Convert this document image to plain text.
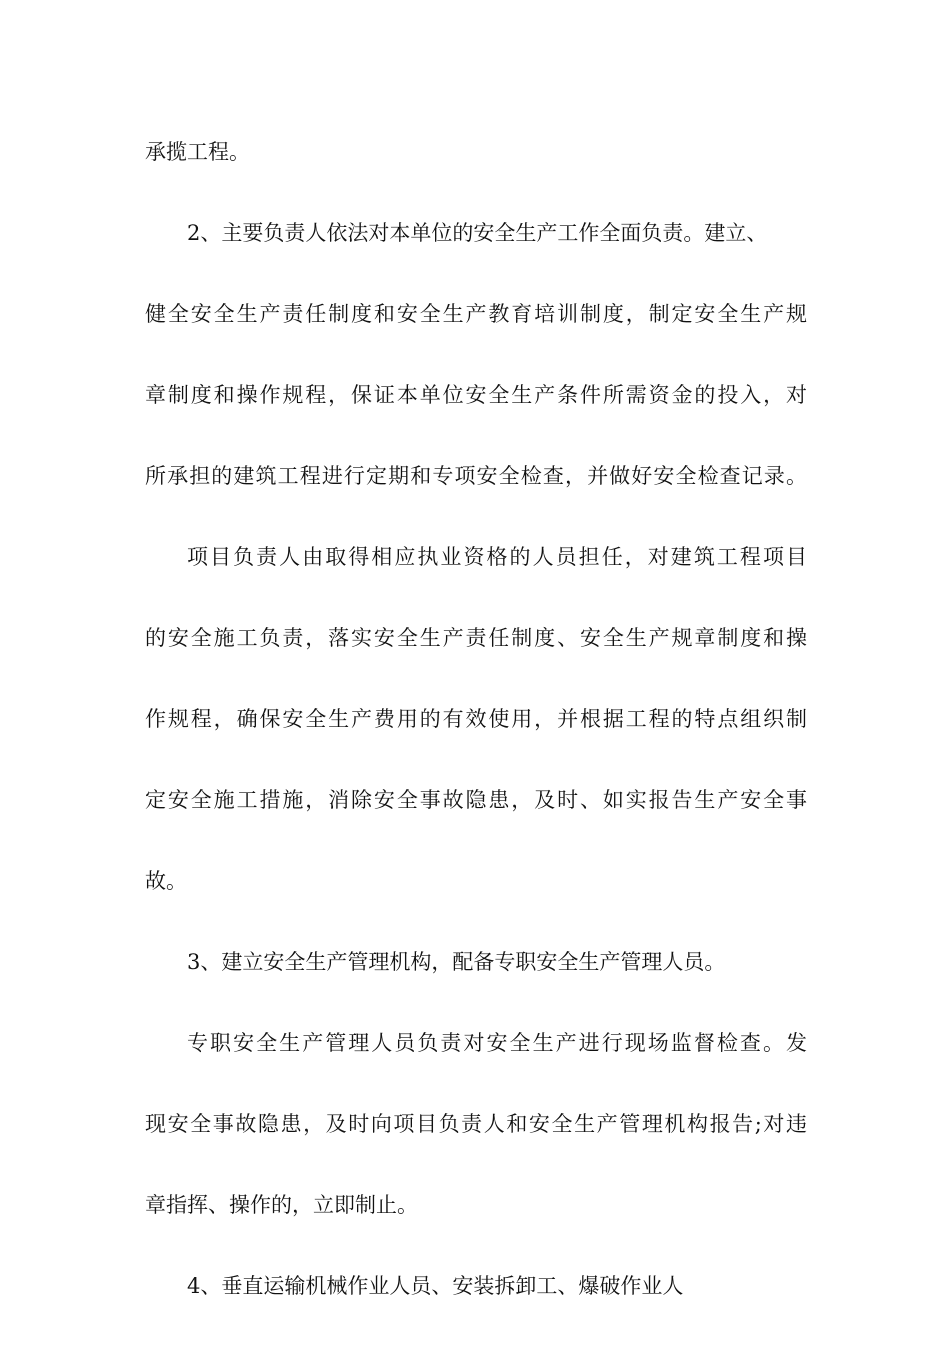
承揽工程。
2、主要负责人依法对本单位的安全生产工作全面负责。建立、
健全安全生产责任制度和安全生产教育培训制度，制定安全生产规
章制度和操作规程，保证本单位安全生产条件所需资金的投入，对
所承担的建筑工程进行定期和专项安全检查，并做好安全检查记录。
项目负责人由取得相应执业资格的人员担任，对建筑工程项目
的安全施工负责，落实安全生产责任制度、安全生产规章制度和操
作规程，确保安全生产费用的有效使用，并根据工程的特点组织制
定安全施工措施，消除安全事故隐患，及时、如实报告生产安全事
故。
3、建立安全生产管理机构，配备专职安全生产管理人员。
专职安全生产管理人员负责对安全生产进行现场监督检查。发
现安全事故隐患，及时向项目负责人和安全生产管理机构报告;对违
章指挥、操作的，立即制止。
4、垂直运输机械作业人员、安装拆卸工、爆破作业人
